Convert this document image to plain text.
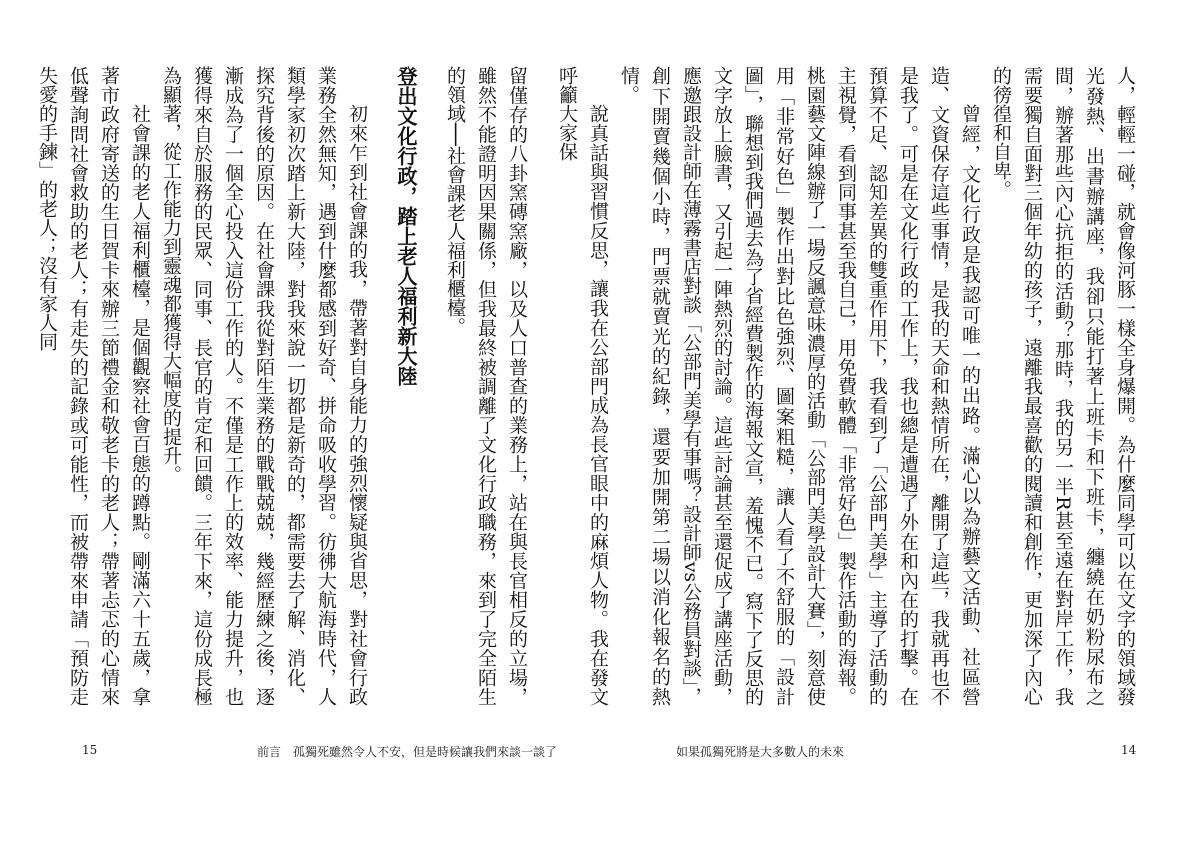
人，輕輕一碰，就會像河豚一樣全身爆開。為什麼同學可以在文字的領域發光發熱、出書辦講座，我卻只能打著上班卡和下班卡，纏繞在奶粉尿布之間，辦著那些內心抗拒的活動？那時，我的另一半R甚至遠在對岸工作，我需要獨自面對三個年幼的孩子，遠離我最喜歡的閱讀和創作，更加深了內心的徬徨和自卑。

曾經，文化行政是我認可唯一的出路。滿心以為辦藝文活動、社區營造、文資保存這些事情，是我的天命和熱情所在，離開了這些，我就再也不是我了。可是在文化行政的工作上，我也總是遭遇了外在和內在的打擊。在預算不足、認知差異的雙重作用下，我看到了「公部門美學」主導了活動的主視覺，看到同事甚至我自己，用免費軟體「非常好色」製作活動的海報。桃園藝文陣線辦了一場反諷意味濃厚的活動「公部門美學設計大賽」，刻意使用「非常好色」製作出對比色強烈、圖案粗糙，讓人看了不舒服的「設計圖」，聯想到我們過去為了省經費製作的海報文宣，羞愧不已。寫下了反思的文字放上臉書，又引起一陣熱烈的討論。這些討論甚至還促成了講座活動，應邀跟設計師在薄霧書店對談「公部門美學有事嗎？設計師vs公務員對談」，創下開賣幾個小時，門票就賣光的紀錄，還要加開第二場以消化報名的熱情。

說真話與習慣反思，讓我在公部門成為長官眼中的麻煩人物。我在發文呼籲大家保

如果孤獨死將是大多數人的未來	14

留僅存的八卦窯磚窯廠，以及人口普查的業務上，站在與長官相反的立場，雖然不能證明因果關係，但我最終被調離了文化行政職務，來到了完全陌生的領域──社會課老人福利櫃檯。

登出文化行政，踏上老人福利新大陸

初來乍到社會課的我，帶著對自身能力的強烈懷疑與省思，對社會行政業務全然無知，遇到什麼都感到好奇、拼命吸收學習。彷彿大航海時代，人類學家初次踏上新大陸，對我來說一切都是新奇的，都需要去了解、消化、探究背後的原因。在社會課我從對陌生業務的戰戰兢兢，幾經歷練之後，逐漸成為了一個全心投入這份工作的人。不僅是工作上的效率、能力提升，也獲得來自於服務的民眾、同事、長官的肯定和回饋。三年下來，這份成長極為顯著，從工作能力到靈魂都獲得大幅度的提升。

社會課的老人福利櫃檯，是個觀察社會百態的蹲點。剛滿六十五歲，拿著市政府寄送的生日賀卡來辦三節禮金和敬老卡的老人；帶著忐忑的心情來低聲詢問社會救助的老人；有走失的記錄或可能性，而被帶來申請「預防走失愛的手鍊」的老人；沒有家人同

15	前言　孤獨死雖然令人不安，但是時候讓我們來談一談了
